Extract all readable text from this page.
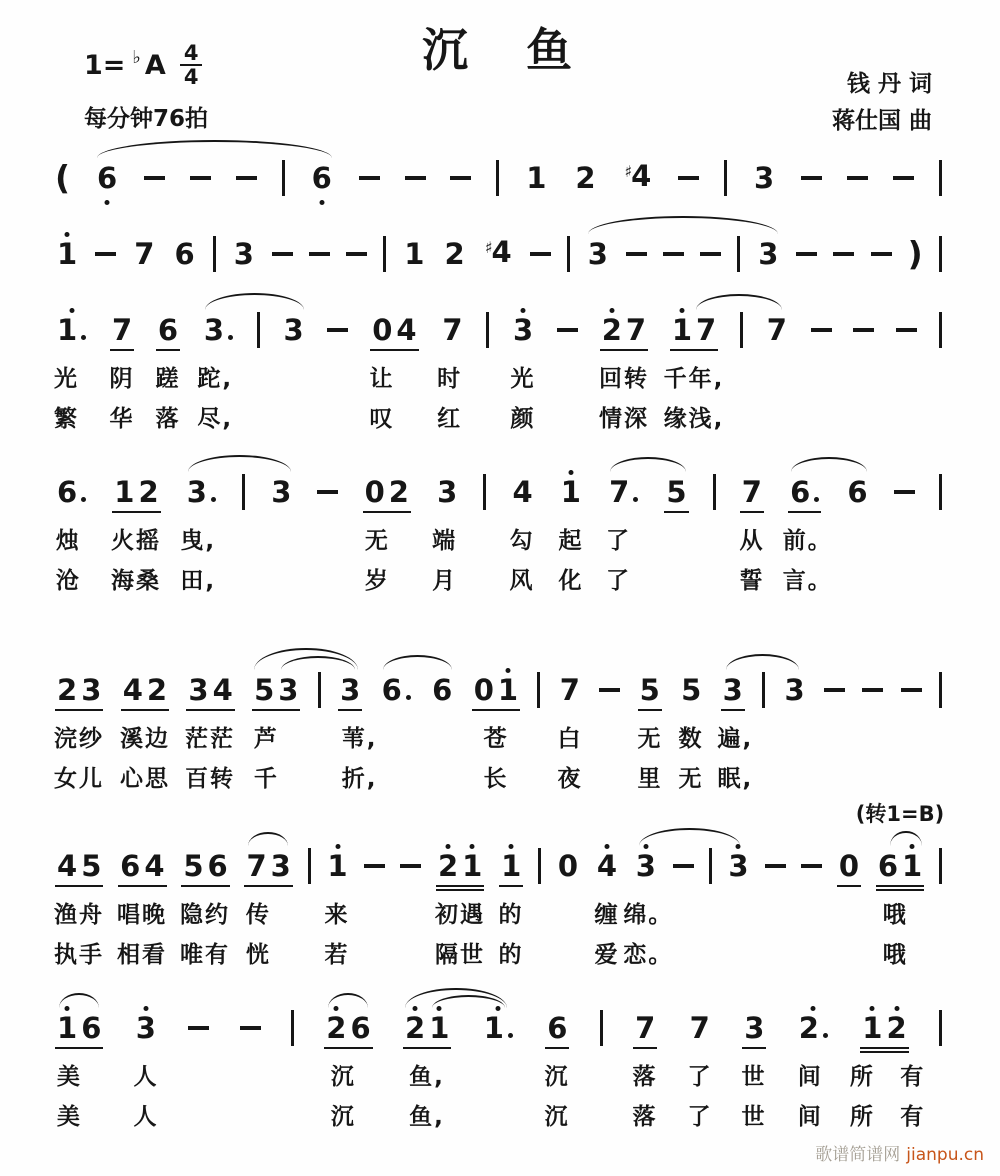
沉　鱼
1= ♭ A $\frac{4}{4}$
每分钟76拍
钱 丹 词
蒋仕国 曲
( 6	6	1 2 ♯4	3
1 7 6 3	1 2 ♯4	3	3	)
1	7 6 3	3 0 4 7 3 2 7 1 7 7
光 阴 蹉 跎,	让 时 光	回转 千年,
繁 华 落 尽,	叹 红 颜	情深 缘浅,
6	1 2 3	3	0 2 3 4 1 7	5 7 6	6
烛 火摇 曳,	无 端 勾 起 了	从 前。
沧 海桑 田,	岁 月 风 化 了	誓 言。
2 3 4 2 3 4 5 3 3 6	6 0 1 7 5 5 3 3
浣纱 溪边 茫茫 芦	苇,	苍 白 无 数 遍,
女儿 心思 百转 千	折,	长 夜 里 无 眠,
4 5 6 4 5 6 7 3 1	2 1 1 0 4 3 3	0 6 1
渔舟 唱晚 隐约 传 来	初遇 的	缠 绵。	哦
执手 相看 唯有 恍 若	隔世 的	爱 恋。	哦
(转1=B)
1 6 3	2 6 2 1 1	6 7 7 3 2	1 2
美 人	沉 鱼,	沉	落 了 世 间 所 有
美 人	沉 鱼,	沉	落 了 世 间 所 有
歌谱简谱网 jianpu.cn
